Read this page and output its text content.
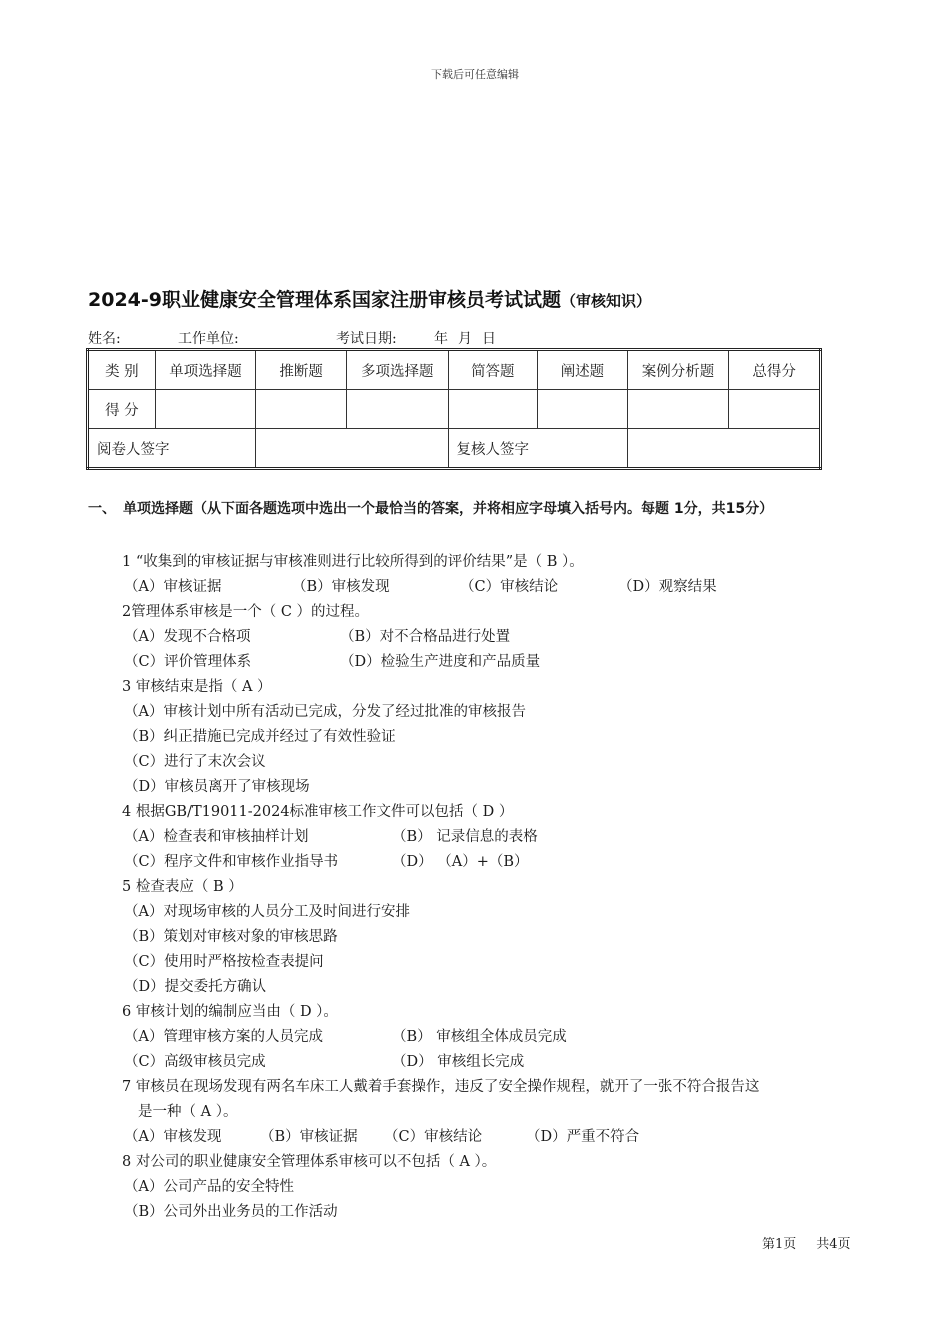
下载后可任意编辑
2024-9职业健康安全管理体系国家注册审核员考试试题（审核知识）
姓名:	工作单位:	考试日期:	年 月 日
类 别	单项选择题	推断题	多项选择题	简答题	阐述题	案例分析题	总得分
得 分							
阅卷人签字				复核人签字			
一、 单项选择题（从下面各题选项中选出一个最恰当的答案，并将相应字母填入括号内。每题 1分，共15分）
1 “收集到的审核证据与审核准则进行比较所得到的评价结果”是（ B ）。
（A）审核证据	（B）审核发现	（C）审核结论	（D）观察结果
2管理体系审核是一个（ C ）的过程。
（A）发现不合格项	（B）对不合格品进行处置
（C）评价管理体系	（D）检验生产进度和产品质量
3 审核结束是指（ A ）
（A）审核计划中所有活动已完成，分发了经过批准的审核报告
（B）纠正措施已完成并经过了有效性验证
（C）进行了末次会议
（D）审核员离开了审核现场
4 根据GB/T19011-2024标准审核工作文件可以包括（ D ）
（A）检查表和审核抽样计划	（B） 记录信息的表格
（C）程序文件和审核作业指导书	（D） （A）+（B）
5 检查表应（ B ）
（A）对现场审核的人员分工及时间进行安排
（B）策划对审核对象的审核思路
（C）使用时严格按检查表提问
（D）提交委托方确认
6 审核计划的编制应当由（ D ）。
（A）管理审核方案的人员完成	（B） 审核组全体成员完成
（C）高级审核员完成	（D） 审核组长完成
7 审核员在现场发现有两名车床工人戴着手套操作，违反了安全操作规程，就开了一张不符合报告这
是一种（ A ）。
（A）审核发现	（B）审核证据 （C）审核结论	（D）严重不符合
8 对公司的职业健康安全管理体系审核可以不包括（ A ）。
（A）公司产品的安全特性
（B）公司外出业务员的工作活动
第1页 共4页
